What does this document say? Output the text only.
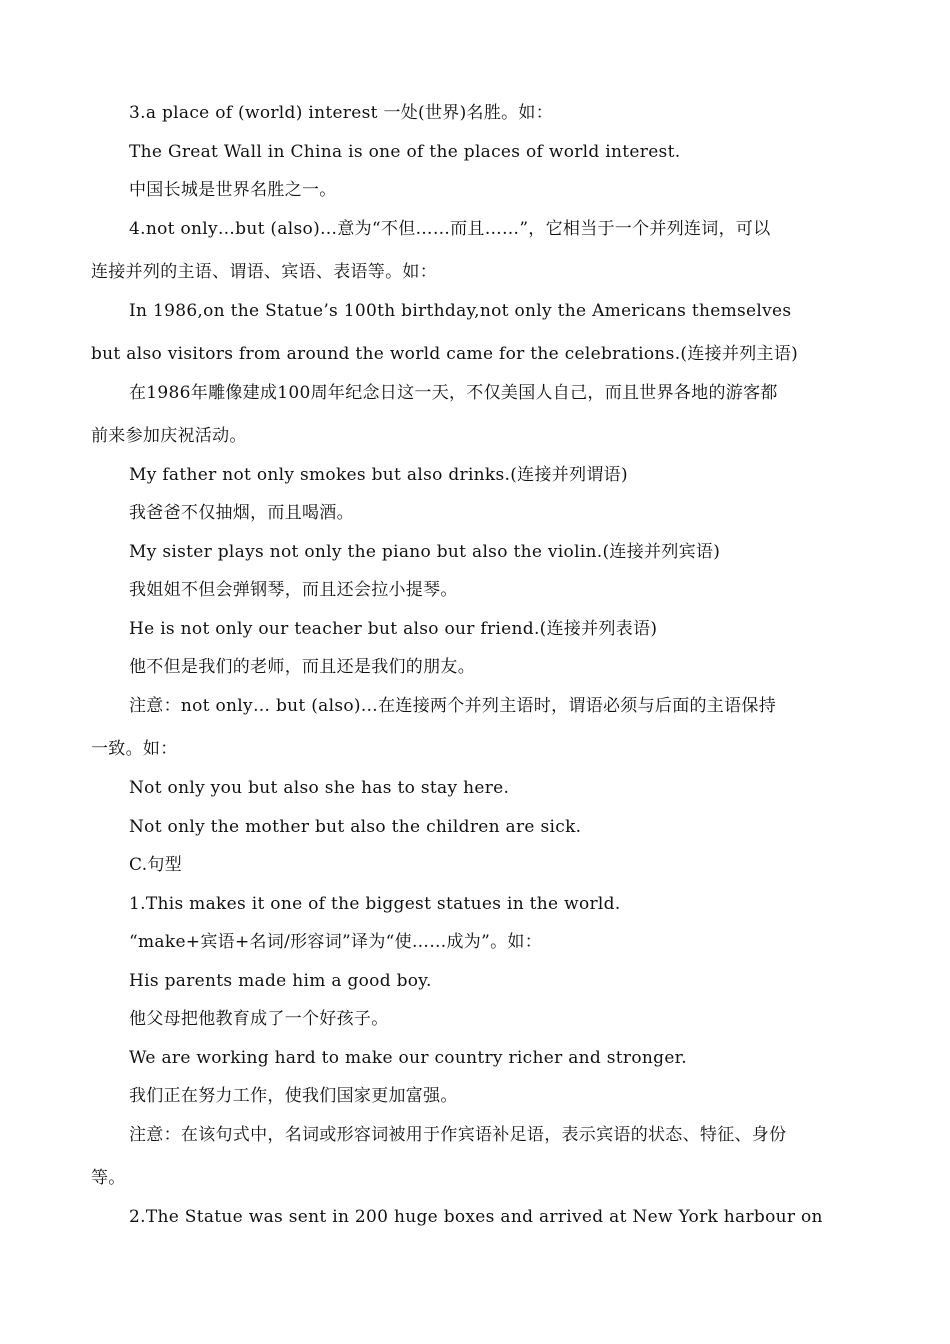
3.a place of (world) interest 一处(世界)名胜。如：
The Great Wall in China is one of the places of world interest.
中国长城是世界名胜之一。
4.not only…but (also)…意为“不但……而且……”，它相当于一个并列连词，可以
连接并列的主语、谓语、宾语、表语等。如：
In 1986,on the Statue’s 100th birthday,not only the Americans themselves
but also visitors from around the world came for the celebrations.(连接并列主语)
在1986年雕像建成100周年纪念日这一天，不仅美国人自己，而且世界各地的游客都
前来参加庆祝活动。
My father not only smokes but also drinks.(连接并列谓语)
我爸爸不仅抽烟，而且喝酒。
My sister plays not only the piano but also the violin.(连接并列宾语)
我姐姐不但会弹钢琴，而且还会拉小提琴。
He is not only our teacher but also our friend.(连接并列表语)
他不但是我们的老师，而且还是我们的朋友。
注意：not only… but (also)…在连接两个并列主语时，谓语必须与后面的主语保持
一致。如：
Not only you but also she has to stay here.
Not only the mother but also the children are sick.
C.句型
1.This makes it one of the biggest statues in the world.
“make+宾语+名词/形容词”译为“使……成为”。如：
His parents made him a good boy.
他父母把他教育成了一个好孩子。
We are working hard to make our country richer and stronger.
我们正在努力工作，使我们国家更加富强。
注意：在该句式中，名词或形容词被用于作宾语补足语，表示宾语的状态、特征、身份
等。
2.The Statue was sent in 200 huge boxes and arrived at New York harbour on
